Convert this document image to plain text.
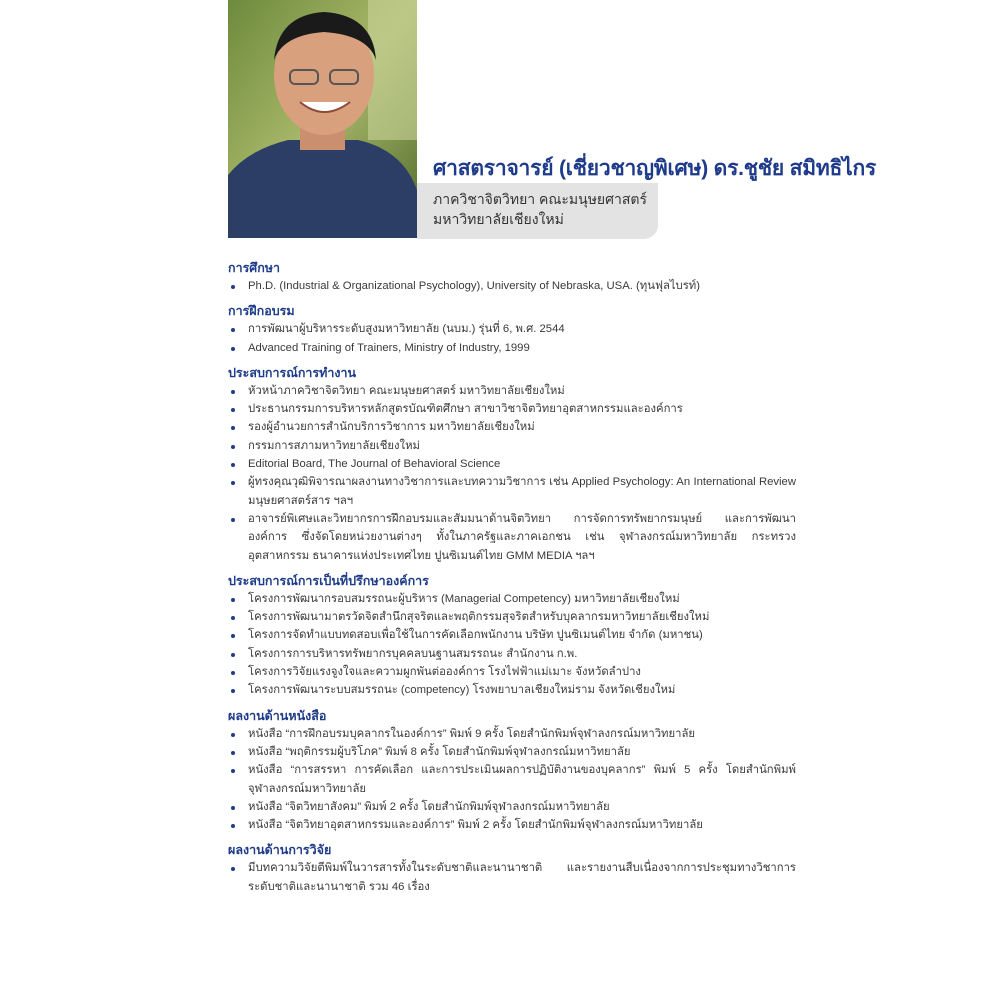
ศาสตราจารย์ (เชี่ยวชาญพิเศษ) ดร.ชูชัย สมิทธิไกร
ภาควิชาจิตวิทยา คณะมนุษยศาสตร์
มหาวิทยาลัยเชียงใหม่
การศึกษา
Ph.D. (Industrial & Organizational Psychology), University of Nebraska, USA. (ทุนฟุลไบรท์)
การฝึกอบรม
การพัฒนาผู้บริหารระดับสูงมหาวิทยาลัย (นบม.) รุ่นที่ 6, พ.ศ. 2544
Advanced Training of Trainers, Ministry of Industry, 1999
ประสบการณ์การทำงาน
หัวหน้าภาควิชาจิตวิทยา คณะมนุษยศาสตร์ มหาวิทยาลัยเชียงใหม่
ประธานกรรมการบริหารหลักสูตรบัณฑิตศึกษา สาขาวิชาจิตวิทยาอุตสาหกรรมและองค์การ
รองผู้อำนวยการสำนักบริการวิชาการ มหาวิทยาลัยเชียงใหม่
กรรมการสภามหาวิทยาลัยเชียงใหม่
Editorial Board, The Journal of Behavioral Science
ผู้ทรงคุณวุฒิพิจารณาผลงานทางวิชาการและบทความวิชาการ เช่น Applied Psychology: An International Review มนุษยศาสตร์สาร ฯลฯ
อาจารย์พิเศษและวิทยากรการฝึกอบรมและสัมมนาด้านจิตวิทยา การจัดการทรัพยากรมนุษย์ และการพัฒนาองค์การ ซึ่งจัดโดยหน่วยงานต่างๆ ทั้งในภาครัฐและภาคเอกชน เช่น จุฬาลงกรณ์มหาวิทยาลัย กระทรวงอุตสาหกรรม ธนาคารแห่งประเทศไทย ปูนซิเมนต์ไทย GMM MEDIA ฯลฯ
ประสบการณ์การเป็นที่ปรึกษาองค์การ
โครงการพัฒนากรอบสมรรถนะผู้บริหาร (Managerial Competency) มหาวิทยาลัยเชียงใหม่
โครงการพัฒนามาตรวัดจิตสำนึกสุจริตและพฤติกรรมสุจริตสำหรับบุคลากรมหาวิทยาลัยเชียงใหม่
โครงการจัดทำแบบทดสอบเพื่อใช้ในการคัดเลือกพนักงาน บริษัท ปูนซิเมนต์ไทย จำกัด (มหาชน)
โครงการการบริหารทรัพยากรบุคคลบนฐานสมรรถนะ สำนักงาน ก.พ.
โครงการวิจัยแรงจูงใจและความผูกพันต่อองค์การ โรงไฟฟ้าแม่เมาะ จังหวัดลำปาง
โครงการพัฒนาระบบสมรรถนะ (competency) โรงพยาบาลเชียงใหม่ราม จังหวัดเชียงใหม่
ผลงานด้านหนังสือ
หนังสือ “การฝึกอบรมบุคลากรในองค์การ” พิมพ์ 9 ครั้ง โดยสำนักพิมพ์จุฬาลงกรณ์มหาวิทยาลัย
หนังสือ “พฤติกรรมผู้บริโภค” พิมพ์ 8 ครั้ง โดยสำนักพิมพ์จุฬาลงกรณ์มหาวิทยาลัย
หนังสือ “การสรรหา การคัดเลือก และการประเมินผลการปฏิบัติงานของบุคลากร” พิมพ์ 5 ครั้ง โดยสำนักพิมพ์จุฬาลงกรณ์มหาวิทยาลัย
หนังสือ “จิตวิทยาสังคม” พิมพ์ 2 ครั้ง โดยสำนักพิมพ์จุฬาลงกรณ์มหาวิทยาลัย
หนังสือ “จิตวิทยาอุตสาหกรรมและองค์การ” พิมพ์ 2 ครั้ง โดยสำนักพิมพ์จุฬาลงกรณ์มหาวิทยาลัย
ผลงานด้านการวิจัย
มีบทความวิจัยตีพิมพ์ในวารสารทั้งในระดับชาติและนานาชาติ และรายงานสืบเนื่องจากการประชุมทางวิชาการระดับชาติและนานาชาติ รวม 46 เรื่อง
